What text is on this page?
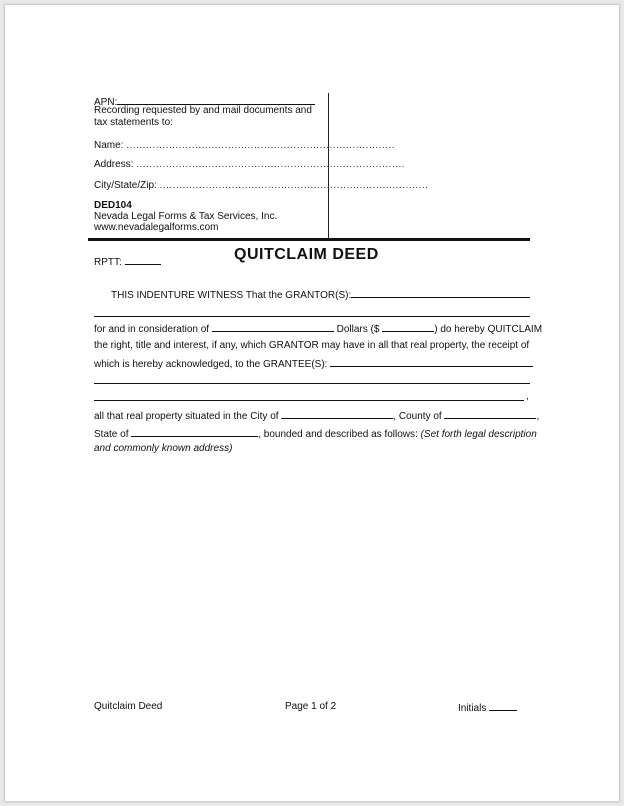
APN:
Recording requested by and mail documents and
tax statements to:
Name: ..................................................................................
Address: ..................................................................................
City/State/Zip: ..................................................................................
DED104
Nevada Legal Forms & Tax Services, Inc.
www.nevadalegalforms.com
RPTT:	QUITCLAIM DEED
THIS INDENTURE WITNESS That the GRANTOR(S):
for and in consideration of	Dollars ($	) do hereby QUITCLAIM
the right, title and interest, if any, which GRANTOR may have in all that real property, the receipt of
which is hereby acknowledged, to the GRANTEE(S):
,
all that real property situated in the City of	, County of	,
State of	, bounded and described as follows: (Set forth legal description
and commonly known address)
Quitclaim Deed	Page 1 of 2	Initials
